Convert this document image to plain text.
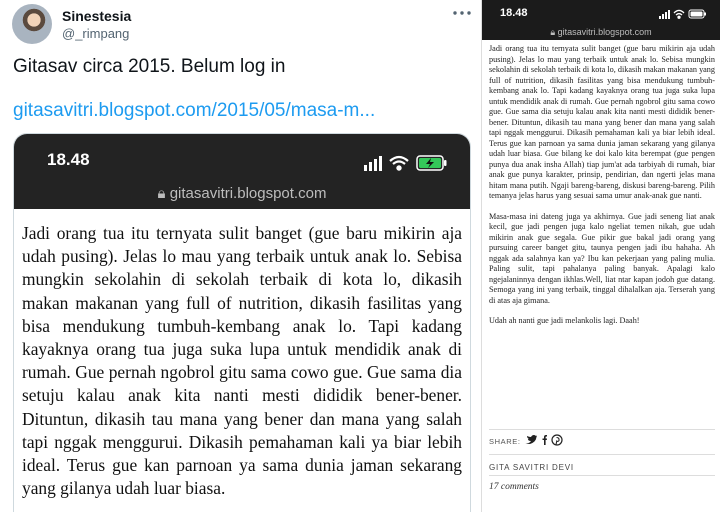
Sinestesia
@_rimpang
Gitasav circa 2015. Belum log in
gitasavitri.blogspot.com/2015/05/masa-m...
18.48
🔒︎ gitasavitri.blogspot.com
Jadi orang tua itu ternyata sulit banget (gue baru mikirin aja udah pusing). Jelas lo mau yang terbaik untuk anak lo. Sebisa mungkin sekolahin di sekolah terbaik di kota lo, dikasih makan makanan yang full of nutrition, dikasih fasilitas yang bisa mendukung tumbuh-kembang anak lo. Tapi kadang kayaknya orang tua juga suka lupa untuk mendidik anak di rumah. Gue pernah ngobrol gitu sama cowo gue. Gue sama dia setuju kalau anak kita nanti mesti dididik bener-bener. Dituntun, dikasih tau mana yang bener dan mana yang salah tapi nggak menggurui. Dikasih pemahaman kali ya biar lebih ideal. Terus gue kan parnoan ya sama dunia jaman sekarang yang gilanya udah luar biasa.
18.48
🔒︎ gitasavitri.blogspot.com

Jadi orang tua itu ternyata sulit banget (gue baru mikirin aja udah pusing). Jelas lo mau yang terbaik untuk anak lo. Sebisa mungkin sekolahin di sekolah terbaik di kota lo, dikasih makan makanan yang full of nutrition, dikasih fasilitas yang bisa mendukung tumbuh-kembang anak lo. Tapi kadang kayaknya orang tua juga suka lupa untuk mendidik anak di rumah. Gue pernah ngobrol gitu sama cowo gue. Gue sama dia setuju kalau anak kita nanti mesti dididik bener-bener. Dituntun, dikasih tau mana yang bener dan mana yang salah tapi nggak menggurui. Dikasih pemahaman kali ya biar lebih ideal. Terus gue kan parnoan ya sama dunia jaman sekarang yang gilanya udah luar biasa. Gue bilang ke doi kalo kita berempat (gue pengen punya dua anak insha Allah) tiap jum'at ada tarbiyah di rumah, biar anak gue punya karakter, prinsip, pendirian, dan ngerti jelas mana hitam mana putih. Ngaji bareng-bareng, diskusi bareng-bareng. Pilih temanya jelas harus yang sesuai sama umur anak-anak gue nanti.

Masa-masa ini dateng juga ya akhirnya. Gue jadi seneng liat anak kecil, gue jadi pengen juga kalo ngeliat temen nikah, gue udah mikirin anak gue segala. Gue pikir gue bakal jadi orang yang pursuing career banget gitu, taunya pengen jadi ibu hahaha. Ah nggak ada salahnya kan ya? Ibu kan pekerjaan yang paling mulia. Paling sulit, tapi pahalanya paling banyak. Apalagi kalo ngejalaninnya dengan ikhlas.Well, liat ntar kapan jodoh gue datang. Semoga yang ini yang terbaik, tinggal dihalalkan aja. Terserah yang di atas aja gimana.

Udah ah nanti gue jadi melankolis lagi. Daah!

SHARE:
GITA SAVITRI DEVI
17 comments
